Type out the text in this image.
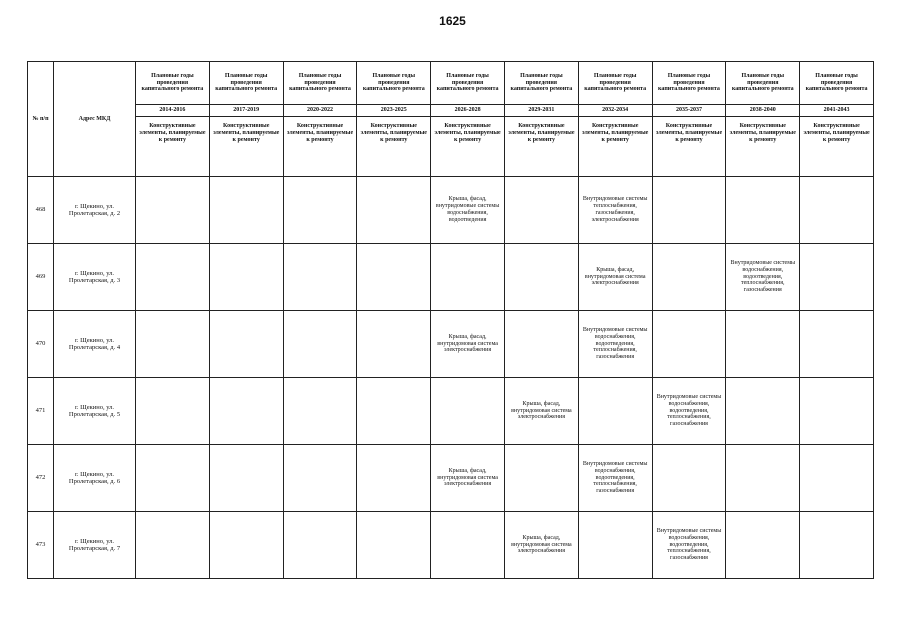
1625
№ п/п	Адрес МКД	Плановые годы проведения капитального ремонта	Плановые годы проведения капитального ремонта	Плановые годы проведения капитального ремонта	Плановые годы проведения капитального ремонта	Плановые годы проведения капитального ремонта	Плановые годы проведения капитального ремонта	Плановые годы проведения капитального ремонта	Плановые годы проведения капитального ремонта	Плановые годы проведения капитального ремонта	Плановые годы проведения капитального ремонта
		2014-2016	2017-2019	2020-2022	2023-2025	2026-2028	2029-2031	2032-2034	2035-2037	2038-2040	2041-2043
		Конструктивные элементы, планируемые к ремонту	Конструктивные элементы, планируемые к ремонту	Конструктивные элементы, планируемые к ремонту	Конструктивные элементы, планируемые к ремонту	Конструктивные элементы, планируемые к ремонту	Конструктивные элементы, планируемые к ремонту	Конструктивные элементы, планируемые к ремонту	Конструктивные элементы, планируемые к ремонту	Конструктивные элементы, планируемые к ремонту	Конструктивные элементы, планируемые к ремонту
468	г. Щекино, ул. Пролетарская, д. 2					Крыша, фасад, внутридомовые системы водоснабжения, водоотведения		Внутридомовые системы теплоснабжения, газоснабжения, электроснабжения			
469	г. Щекино, ул. Пролетарская, д. 3							Крыша, фасад, внутридомовая система электроснабжения		Внутридомовые системы водоснабжения, водоотведения, теплоснабжения, газоснабжения	
470	г. Щекино, ул. Пролетарская, д. 4					Крыша, фасад, внутридомовая система электроснабжения		Внутридомовые системы водоснабжения, водоотведения, теплоснабжения, газоснабжения			
471	г. Щекино, ул. Пролетарская, д. 5						Крыша, фасад, внутридомовая система электроснабжения		Внутридомовые системы водоснабжения, водоотведения, теплоснабжения, газоснабжения		
472	г. Щекино, ул. Пролетарская, д. 6					Крыша, фасад, внутридомовая система электроснабжения		Внутридомовые системы водоснабжения, водоотведения, теплоснабжения, газоснабжения			
473	г. Щекино, ул. Пролетарская, д. 7						Крыша, фасад, внутридомовая система электроснабжения		Внутридомовые системы водоснабжения, водоотведения, теплоснабжения, газоснабжения		
